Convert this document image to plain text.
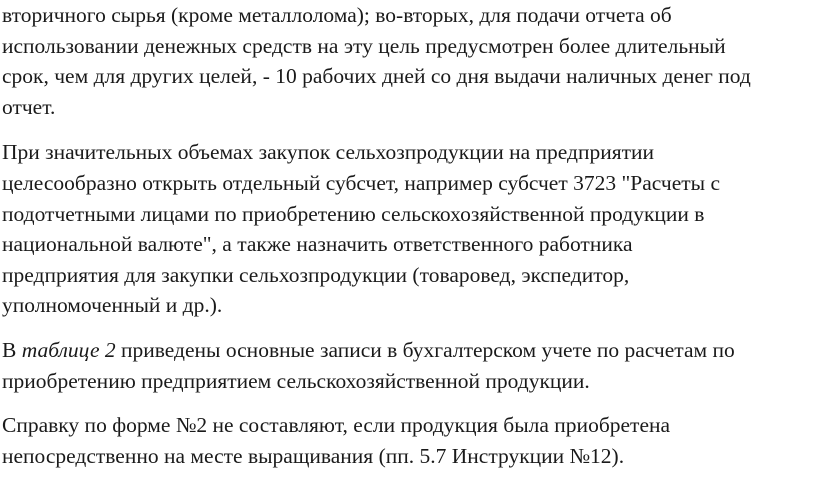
вторичного сырья (кроме металлолома); во-вторых, для подачи отчета об
использовании денежных средств на эту цель предусмотрен более длительный
срок, чем для других целей, - 10 рабочих дней со дня выдачи наличных денег под
отчет.

При значительных объемах закупок сельхозпродукции на предприятии
целесообразно открыть отдельный субсчет, например субсчет 3723 "Расчеты с
подотчетными лицами по приобретению сельскохозяйственной продукции в
национальной валюте", а также назначить ответственного работника
предприятия для закупки сельхозпродукции (товаровед, экспедитор,
уполномоченный и др.).

В таблице 2 приведены основные записи в бухгалтерском учете по расчетам по
приобретению предприятием сельскохозяйственной продукции.

Справку по форме №2 не составляют, если продукция была приобретена
непосредственно на месте выращивания (пп. 5.7 Инструкции №12).
